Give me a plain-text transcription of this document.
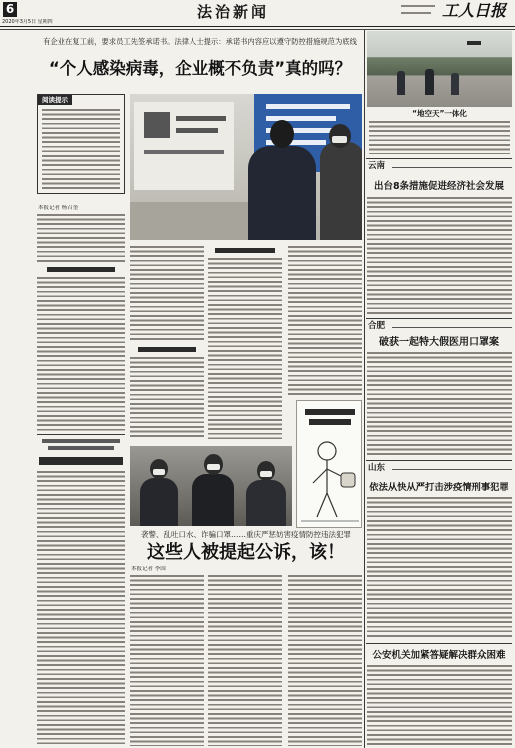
6
2020年3月5日 星期四
法治新闻	工人日报
有企业在复工前，要求员工先签承诺书。法律人士提示：承诺书内容应以遵守防控措施规范为底线
“个人感染病毒，企业概不负责”真的吗？
阅读提示
本报记者 杨召奎
袭警、乱吐口水、诈骗口罩……重庆严惩妨害疫情防控违法犯罪
这些人被提起公诉，该！
本报记者 李国
“地空天”一体化
云南
出台8条措施促进经济社会发展
合肥
破获一起特大假医用口罩案
山东
依法从快从严打击涉疫情刑事犯罪
公安机关加紧答疑解决群众困难
